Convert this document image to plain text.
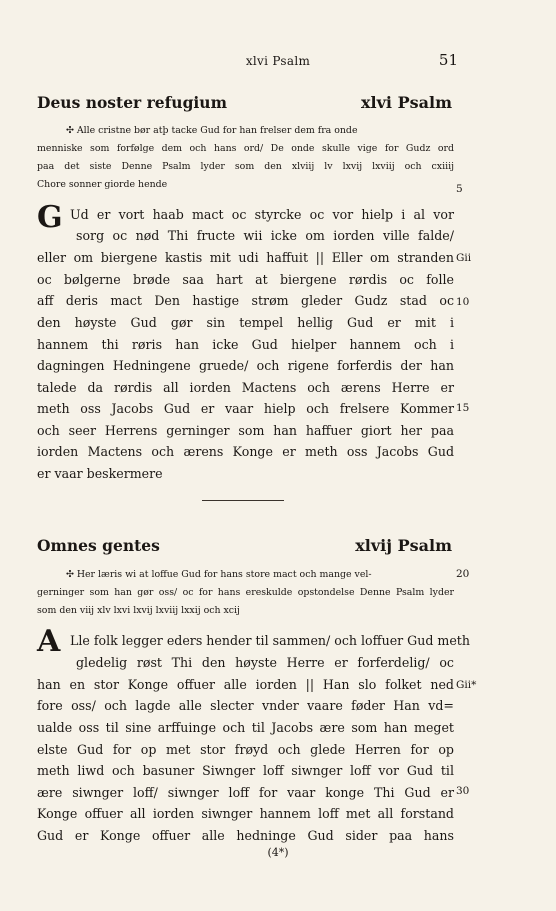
xlvi Psalm	51
Deus noster refugium	xlvi Psalm
✣ Alle cristne bør atþ tacke Gud for han frelser dem fra onde
menniske som forfølge dem och hans ord/ De onde skulle vige for Gudz ord
paa det siste Denne Psalm lyder som den xlviij lv lxvij lxviij och cxiiij
Chore sonner giorde hende	5
G Ud er vort haab mact oc styrcke oc vor hielp i al vor
sorg oc nød Thi fructe wii icke om iorden ville falde/
eller om biergene kastis mit udi haffuit || Eller om stranden Gii
oc bølgerne brøde saa hart at biergene rørdis oc folle
aff deris mact Den hastige strøm gleder Gudz stad oc 10
den høyste Gud gør sin tempel hellig Gud er mit i
hannem thi røris han icke Gud hielper hannem och i
dagningen Hedningene gruede/ och rigene forferdis der han
talede da rørdis all iorden Mactens och ærens Herre er
meth oss Jacobs Gud er vaar hielp och frelsere Kommer 15
och seer Herrens gerninger som han haffuer giort her paa
iorden Mactens och ærens Konge er meth oss Jacobs Gud
er vaar beskermere
Omnes gentes	xlvij Psalm
✣ Her læris wi at loffue Gud for hans store mact och mange vel-	20
gerninger som han gør oss/ oc for hans ereskulde opstondelse Denne Psalm lyder
som den viij xlv lxvi lxvij lxviij lxxij och xcij
A Lle folk legger eders hender til sammen/ och loffuer Gud meth
gledelig røst Thi den høyste Herre er forferdelig/ oc
han en stor Konge offuer alle iorden || Han slo folket ned Gii*
fore oss/ och lagde alle slecter vnder vaare føder Han vd=
ualde oss til sine arffuinge och til Jacobs ære som han meget
elste Gud for op met stor frøyd och glede Herren for op
meth liwd och basuner Siwnger loff siwnger loff vor Gud til
ære siwnger loff/ siwnger loff for vaar konge Thi Gud er 30
Konge offuer all iorden siwnger hannem loff met all forstand
Gud er Konge offuer alle hedninge Gud sider paa hans
(4*)
